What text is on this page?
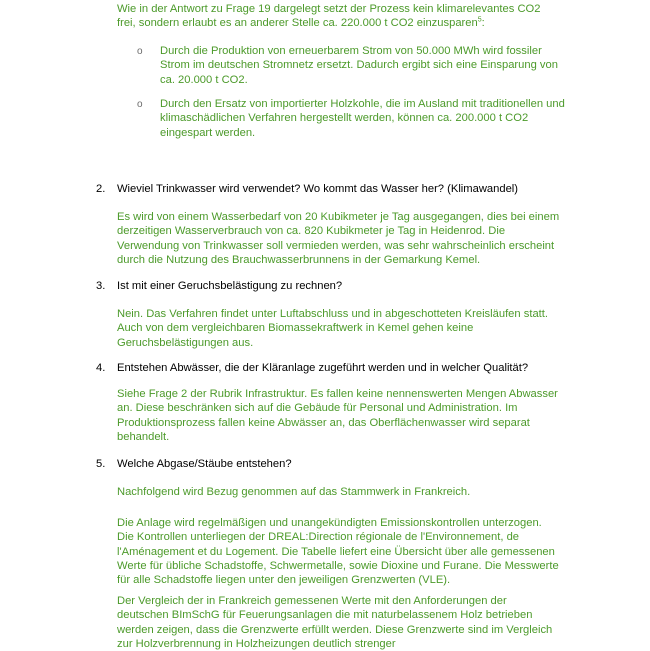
Wie in der Antwort zu Frage 19 dargelegt setzt der Prozess kein klimarelevantes CO2
frei, sondern erlaubt es an anderer Stelle ca. 220.000 t CO2 einzusparen$^5$:
o Durch die Produktion von erneuerbarem Strom von 50.000 MWh wird fossiler
Strom im deutschen Stromnetz ersetzt. Dadurch ergibt sich eine Einsparung von
ca. 20.000 t CO2.
o Durch den Ersatz von importierter Holzkohle, die im Ausland mit traditionellen und
klimaschädlichen Verfahren hergestellt werden, können ca. 200.000 t CO2
eingespart werden.
2. Wieviel Trinkwasser wird verwendet? Wo kommt das Wasser her? (Klimawandel)
Es wird von einem Wasserbedarf von 20 Kubikmeter je Tag ausgegangen, dies bei einem
derzeitigen Wasserverbrauch von ca. 820 Kubikmeter je Tag in Heidenrod. Die
Verwendung von Trinkwasser soll vermieden werden, was sehr wahrscheinlich erscheint
durch die Nutzung des Brauchwasserbrunnens in der Gemarkung Kemel.
3. Ist mit einer Geruchsbelästigung zu rechnen?
Nein. Das Verfahren findet unter Luftabschluss und in abgeschotteten Kreisläufen statt.
Auch von dem vergleichbaren Biomassekraftwerk in Kemel gehen keine
Geruchsbelästigungen aus.
4. Entstehen Abwässer, die der Kläranlage zugeführt werden und in welcher Qualität?
Siehe Frage 2 der Rubrik Infrastruktur. Es fallen keine nennenswerten Mengen Abwasser
an. Diese beschränken sich auf die Gebäude für Personal und Administration. Im
Produktionsprozess fallen keine Abwässer an, das Oberflächenwasser wird separat
behandelt.
5. Welche Abgase/Stäube entstehen?
Nachfolgend wird Bezug genommen auf das Stammwerk in Frankreich.
Die Anlage wird regelmäßigen und unangekündigten Emissionskontrollen unterzogen.
Die Kontrollen unterliegen der DREAL:Direction régionale de l'Environnement, de
l'Aménagement et du Logement. Die Tabelle liefert eine Übersicht über alle gemessenen
Werte für übliche Schadstoffe, Schwermetalle, sowie Dioxine und Furane. Die Messwerte
für alle Schadstoffe liegen unter den jeweiligen Grenzwerten (VLE).
Der Vergleich der in Frankreich gemessenen Werte mit den Anforderungen der
deutschen BImSchG für Feuerungsanlagen die mit naturbelassenem Holz betrieben
werden zeigen, dass die Grenzwerte erfüllt werden. Diese Grenzwerte sind im Vergleich
zur Holzverbrennung in Holzheizungen deutlich strenger
